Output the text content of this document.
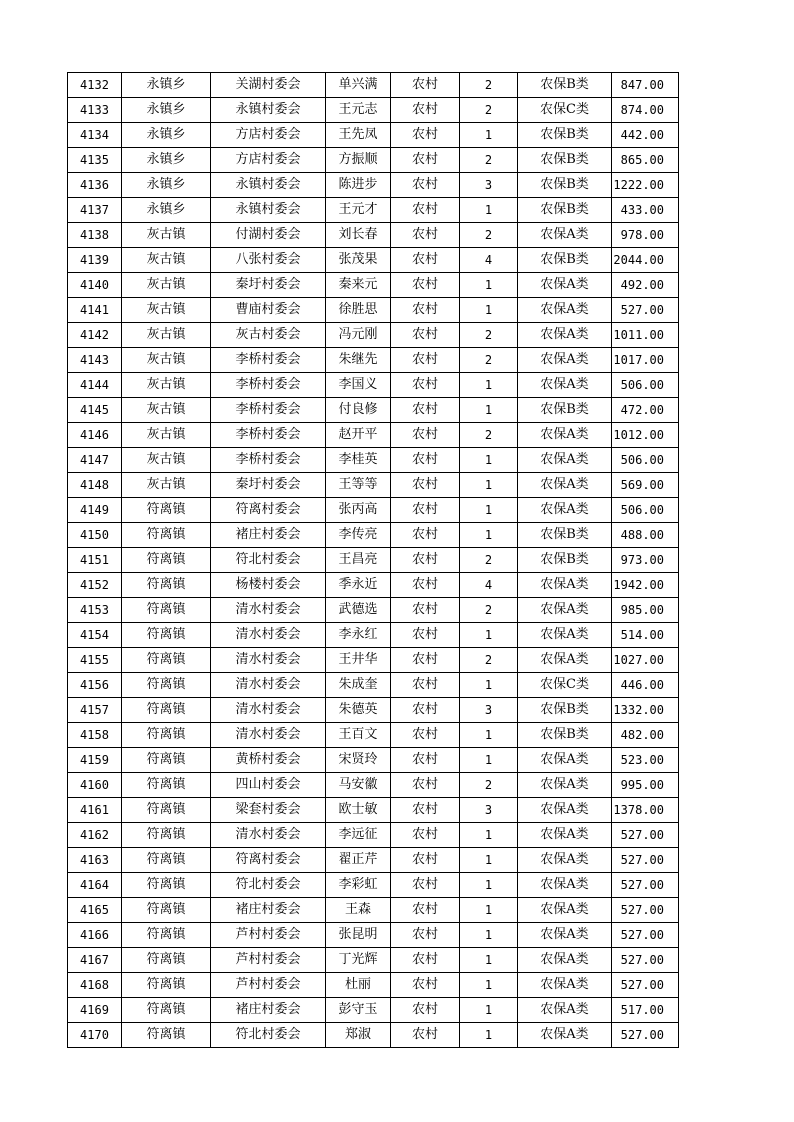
4132	永镇乡	关湖村委会	单兴满	农村	2	农保B类	847.00
4133	永镇乡	永镇村委会	王元志	农村	2	农保C类	874.00
4134	永镇乡	方店村委会	王先凤	农村	1	农保B类	442.00
4135	永镇乡	方店村委会	方振顺	农村	2	农保B类	865.00
4136	永镇乡	永镇村委会	陈进步	农村	3	农保B类	1222.00
4137	永镇乡	永镇村委会	王元才	农村	1	农保B类	433.00
4138	灰古镇	付湖村委会	刘长春	农村	2	农保A类	978.00
4139	灰古镇	八张村委会	张茂果	农村	4	农保B类	2044.00
4140	灰古镇	秦圩村委会	秦来元	农村	1	农保A类	492.00
4141	灰古镇	曹庙村委会	徐胜思	农村	1	农保A类	527.00
4142	灰古镇	灰古村委会	冯元刚	农村	2	农保A类	1011.00
4143	灰古镇	李桥村委会	朱继先	农村	2	农保A类	1017.00
4144	灰古镇	李桥村委会	李国义	农村	1	农保A类	506.00
4145	灰古镇	李桥村委会	付良修	农村	1	农保B类	472.00
4146	灰古镇	李桥村委会	赵开平	农村	2	农保A类	1012.00
4147	灰古镇	李桥村委会	李桂英	农村	1	农保A类	506.00
4148	灰古镇	秦圩村委会	王等等	农村	1	农保A类	569.00
4149	符离镇	符离村委会	张丙高	农村	1	农保A类	506.00
4150	符离镇	褚庄村委会	李传亮	农村	1	农保B类	488.00
4151	符离镇	符北村委会	王昌亮	农村	2	农保B类	973.00
4152	符离镇	杨楼村委会	季永近	农村	4	农保A类	1942.00
4153	符离镇	清水村委会	武德选	农村	2	农保A类	985.00
4154	符离镇	清水村委会	李永红	农村	1	农保A类	514.00
4155	符离镇	清水村委会	王井华	农村	2	农保A类	1027.00
4156	符离镇	清水村委会	朱成奎	农村	1	农保C类	446.00
4157	符离镇	清水村委会	朱德英	农村	3	农保B类	1332.00
4158	符离镇	清水村委会	王百文	农村	1	农保B类	482.00
4159	符离镇	黄桥村委会	宋贤玲	农村	1	农保A类	523.00
4160	符离镇	四山村委会	马安徽	农村	2	农保A类	995.00
4161	符离镇	梁套村委会	欧士敏	农村	3	农保A类	1378.00
4162	符离镇	清水村委会	李远征	农村	1	农保A类	527.00
4163	符离镇	符离村委会	翟正芹	农村	1	农保A类	527.00
4164	符离镇	符北村委会	李彩虹	农村	1	农保A类	527.00
4165	符离镇	褚庄村委会	王森	农村	1	农保A类	527.00
4166	符离镇	芦村村委会	张昆明	农村	1	农保A类	527.00
4167	符离镇	芦村村委会	丁光辉	农村	1	农保A类	527.00
4168	符离镇	芦村村委会	杜丽	农村	1	农保A类	527.00
4169	符离镇	褚庄村委会	彭守玉	农村	1	农保A类	517.00
4170	符离镇	符北村委会	郑淑	农村	1	农保A类	527.00
